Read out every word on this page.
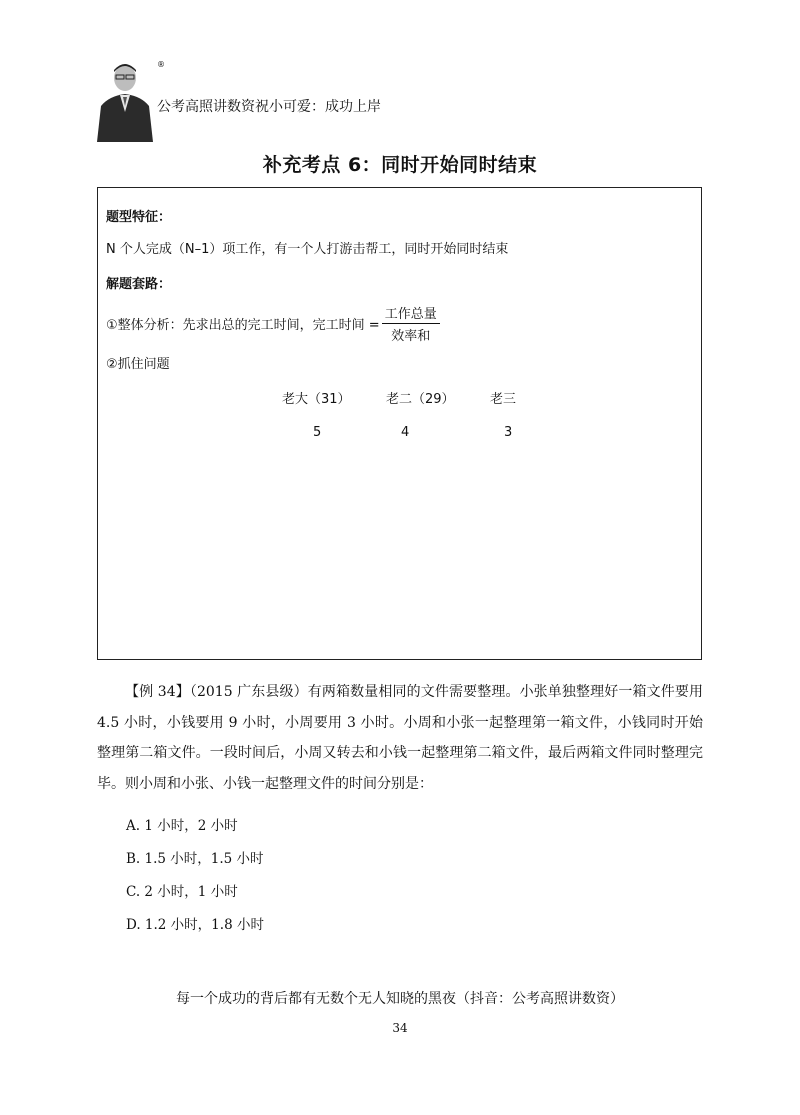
®
公考高照讲数资祝小可爱：成功上岸
补充考点 6：同时开始同时结束
题型特征：
N 个人完成（N–1）项工作，有一个人打游击帮工，同时开始同时结束
解题套路：
①整体分析：先求出总的完工时间，完工时间 = $\frac{\text{工作总量}}{\text{效率和}}$
②抓住问题
老大（31）	老二（29）	老三
5	4	3
【例 34】（2015 广东县级）有两箱数量相同的文件需要整理。小张单独整理好一箱文件要用 4.5 小时，小钱要用 9 小时，小周要用 3 小时。小周和小张一起整理第一箱文件，小钱同时开始整理第二箱文件。一段时间后，小周又转去和小钱一起整理第二箱文件，最后两箱文件同时整理完毕。则小周和小张、小钱一起整理文件的时间分别是：
A. 1 小时，2 小时
B. 1.5 小时，1.5 小时
C. 2 小时，1 小时
D. 1.2 小时，1.8 小时
每一个成功的背后都有无数个无人知晓的黑夜（抖音：公考高照讲数资）
34
